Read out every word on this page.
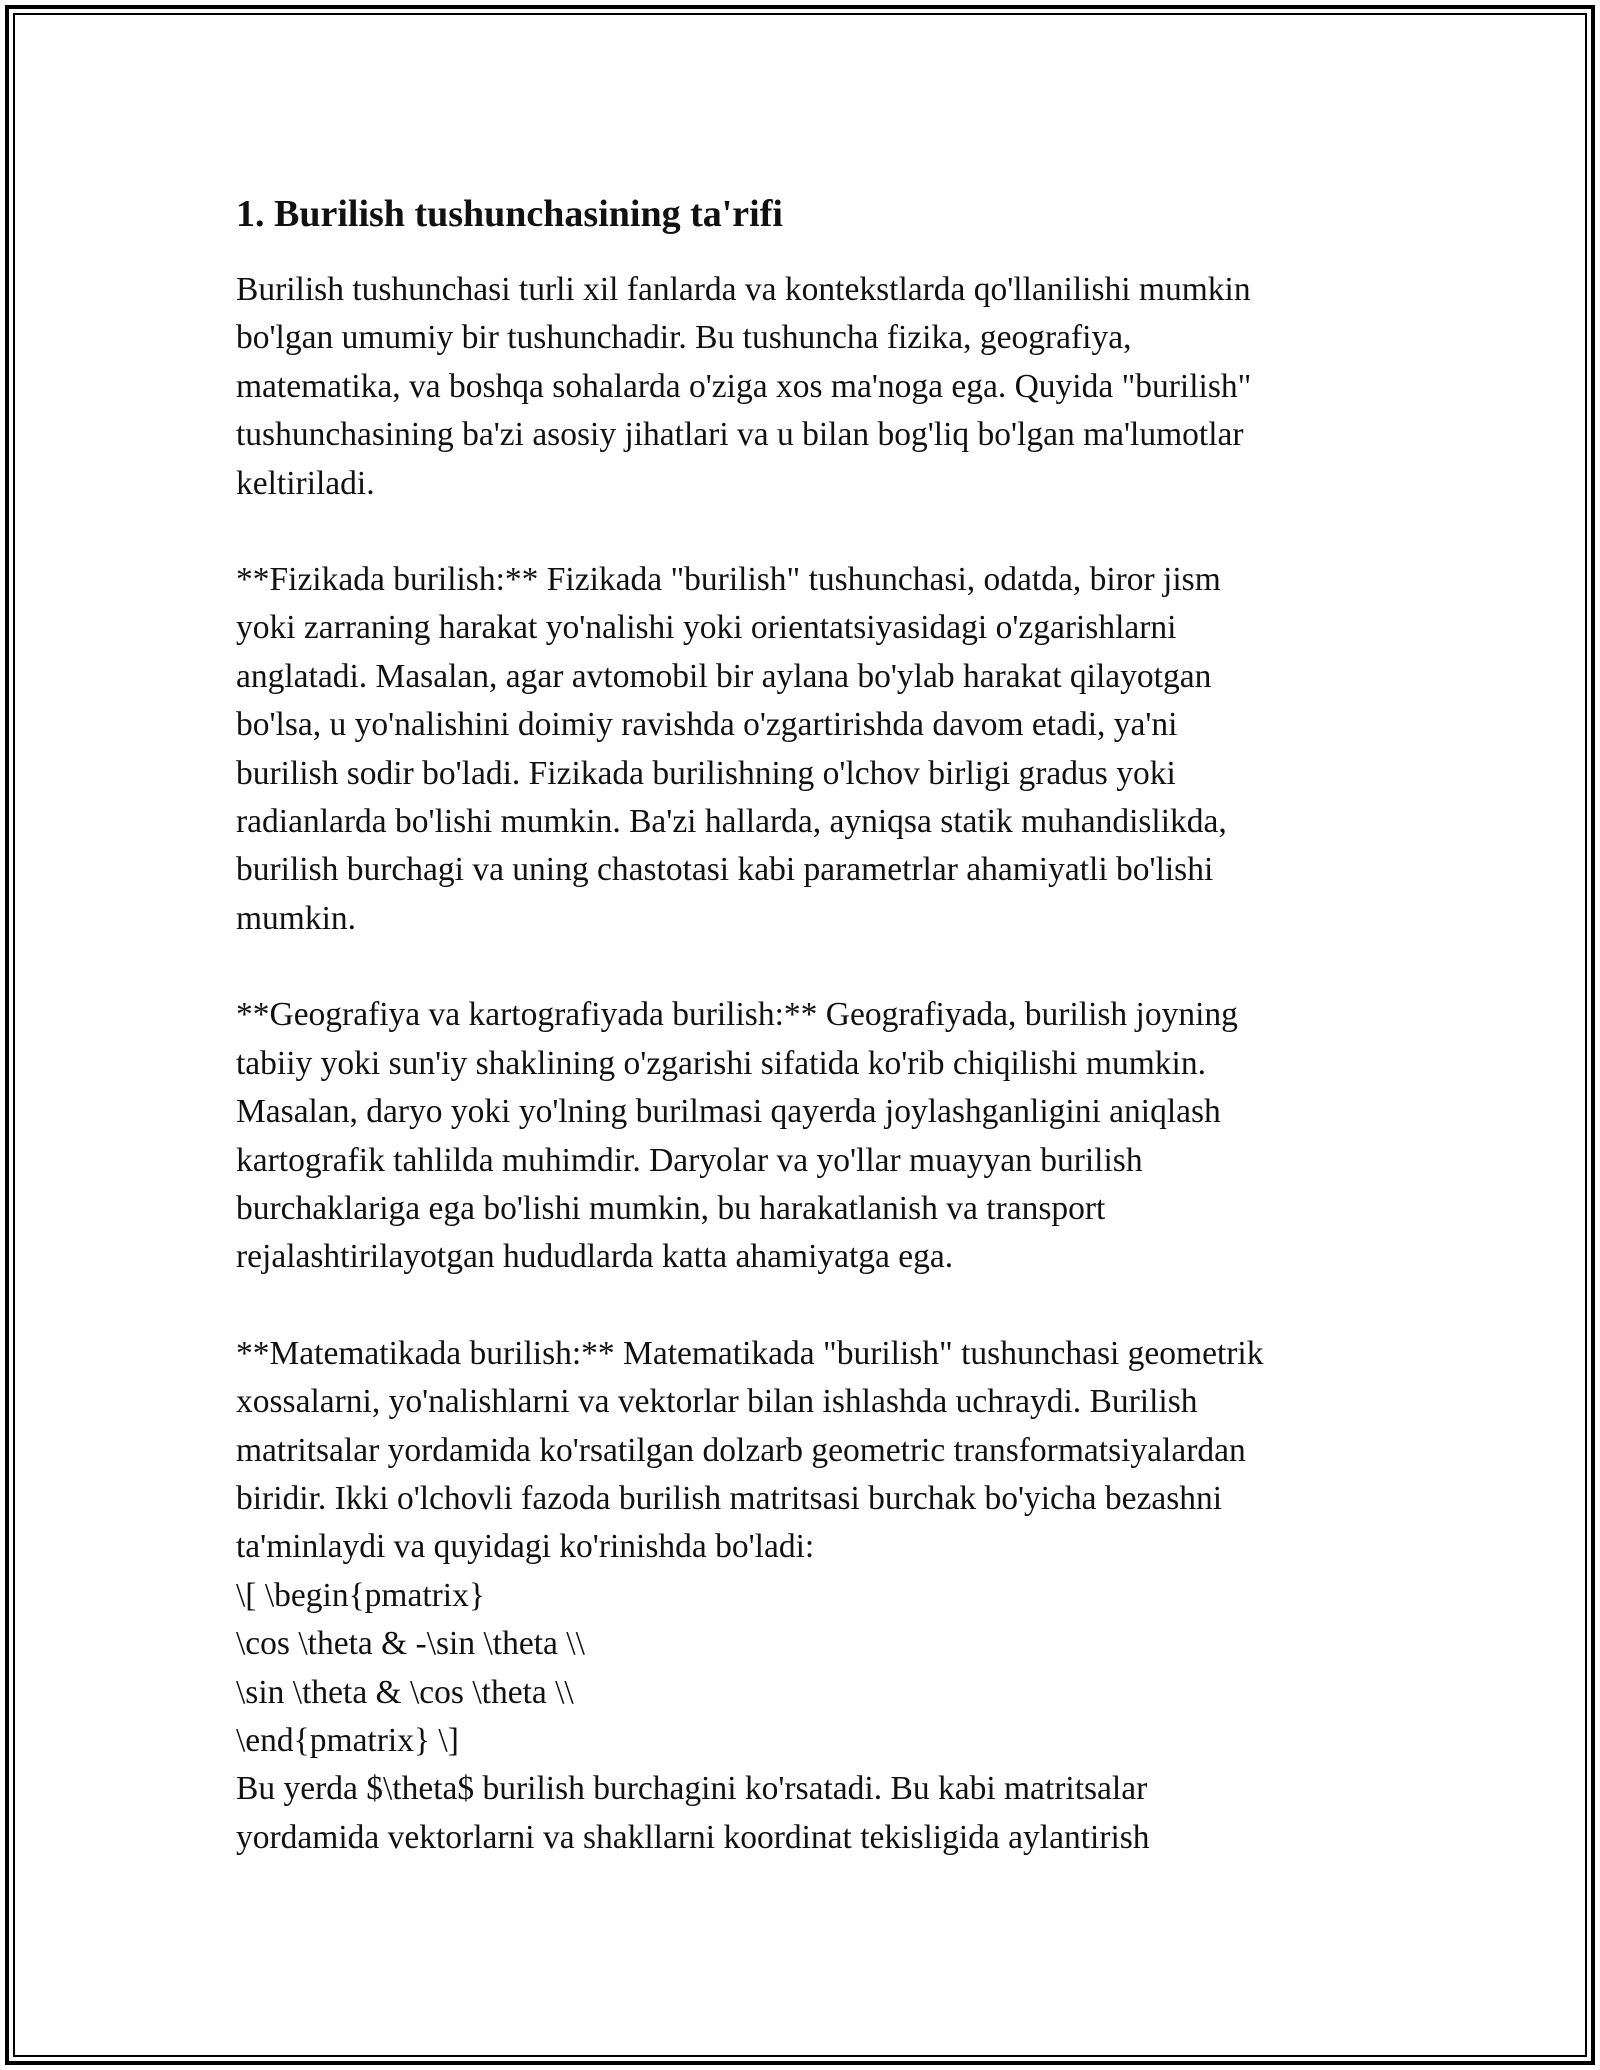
1. Burilish tushunchasining ta'rifi

Burilish tushunchasi turli xil fanlarda va kontekstlarda qo'llanilishi mumkin
bo'lgan umumiy bir tushunchadir. Bu tushuncha fizika, geografiya,
matematika, va boshqa sohalarda o'ziga xos ma'noga ega. Quyida "burilish"
tushunchasining ba'zi asosiy jihatlari va u bilan bog'liq bo'lgan ma'lumotlar
keltiriladi.

**Fizikada burilish:** Fizikada "burilish" tushunchasi, odatda, biror jism
yoki zarraning harakat yo'nalishi yoki orientatsiyasidagi o'zgarishlarni
anglatadi. Masalan, agar avtomobil bir aylana bo'ylab harakat qilayotgan
bo'lsa, u yo'nalishini doimiy ravishda o'zgartirishda davom etadi, ya'ni
burilish sodir bo'ladi. Fizikada burilishning o'lchov birligi gradus yoki
radianlarda bo'lishi mumkin. Ba'zi hallarda, ayniqsa statik muhandislikda,
burilish burchagi va uning chastotasi kabi parametrlar ahamiyatli bo'lishi
mumkin.

**Geografiya va kartografiyada burilish:** Geografiyada, burilish joyning
tabiiy yoki sun'iy shaklining o'zgarishi sifatida ko'rib chiqilishi mumkin.
Masalan, daryo yoki yo'lning burilmasi qayerda joylashganligini aniqlash
kartografik tahlilda muhimdir. Daryolar va yo'llar muayyan burilish
burchaklariga ega bo'lishi mumkin, bu harakatlanish va transport
rejalashtirilayotgan hududlarda katta ahamiyatga ega.

**Matematikada burilish:** Matematikada "burilish" tushunchasi geometrik
xossalarni, yo'nalishlarni va vektorlar bilan ishlashda uchraydi. Burilish
matritsalar yordamida ko'rsatilgan dolzarb geometric transformatsiyalardan
biridir. Ikki o'lchovli fazoda burilish matritsasi burchak bo'yicha bezashni
ta'minlaydi va quyidagi ko'rinishda bo'ladi:
\[ \begin{pmatrix}
\cos \theta & -\sin \theta \\
\sin \theta & \cos \theta \\
\end{pmatrix} \]
Bu yerda $\theta$ burilish burchagini ko'rsatadi. Bu kabi matritsalar
yordamida vektorlarni va shakllarni koordinat tekisligida aylantirish
